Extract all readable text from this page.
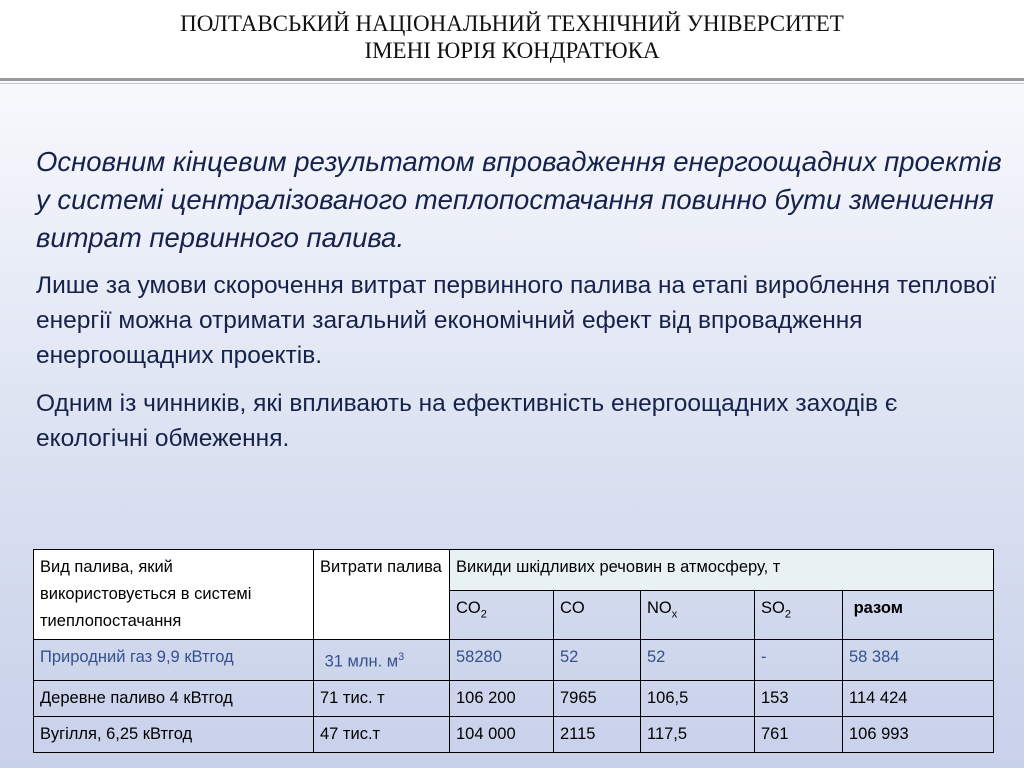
ПОЛТАВСЬКИЙ НАЦІОНАЛЬНИЙ ТЕХНІЧНИЙ УНІВЕРСИТЕТ
ІМЕНІ ЮРІЯ КОНДРАТЮКА

Основним кінцевим результатом впровадження енергоощадних проектів у системі централізованого теплопостачання повинно бути зменшення витрат первинного палива.

Лише за умови скорочення витрат первинного палива на етапі вироблення теплової енергії можна отримати загальний економічний ефект від впровадження енергоощадних проектів.

Одним із чинників, які впливають на ефективність енергоощадних заходів є екологічні обмеження.

Вид палива, який використовується в системі тиеплопостачання	Витрати палива	Викиди шкідливих речовин в атмосферу, т				
		$CO_2$	CO	$NO_x$	$SO_2$	разом
Природний газ 9,9 кВтгод	31 млн. $м^3$	58280	52	52	-	58 384
Деревне паливо 4 кВтгод	71 тис. т	106 200	7965	106,5	153	114 424
Вугілля, 6,25 кВтгод	47 тис.т	104 000	2115	117,5	761	106 993
